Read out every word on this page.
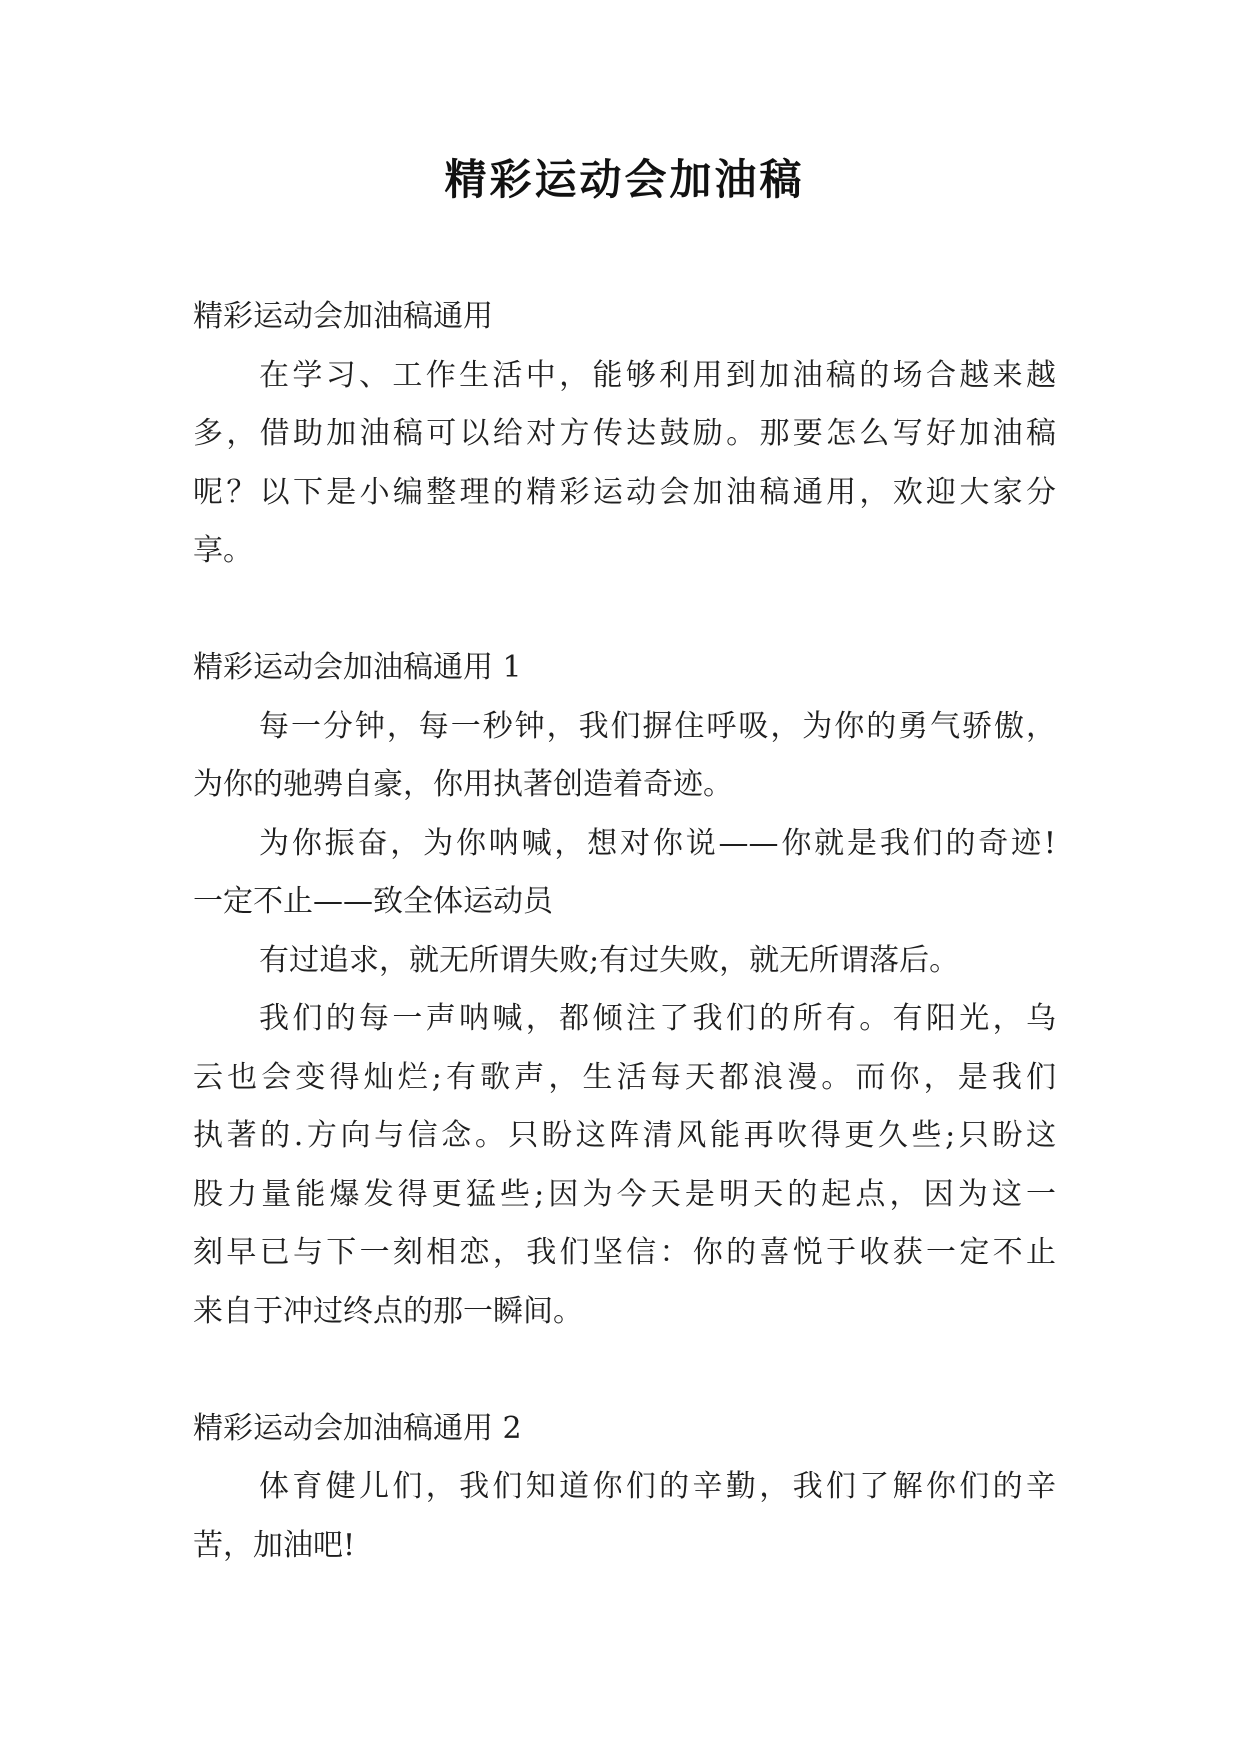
精彩运动会加油稿
精彩运动会加油稿通用
在学习、工作生活中，能够利用到加油稿的场合越来越
多，借助加油稿可以给对方传达鼓励。那要怎么写好加油稿
呢？以下是小编整理的精彩运动会加油稿通用，欢迎大家分
享。
精彩运动会加油稿通用 1
每一分钟，每一秒钟，我们摒住呼吸，为你的勇气骄傲，
为你的驰骋自豪，你用执著创造着奇迹。
为你振奋，为你呐喊，想对你说——你就是我们的奇迹!
一定不止——致全体运动员
有过追求，就无所谓失败;有过失败，就无所谓落后。
我们的每一声呐喊，都倾注了我们的所有。有阳光，乌
云也会变得灿烂;有歌声，生活每天都浪漫。而你，是我们
执著的.方向与信念。只盼这阵清风能再吹得更久些;只盼这
股力量能爆发得更猛些;因为今天是明天的起点，因为这一
刻早已与下一刻相恋，我们坚信：你的喜悦于收获一定不止
来自于冲过终点的那一瞬间。
精彩运动会加油稿通用 2
体育健儿们，我们知道你们的辛勤，我们了解你们的辛
苦，加油吧!
